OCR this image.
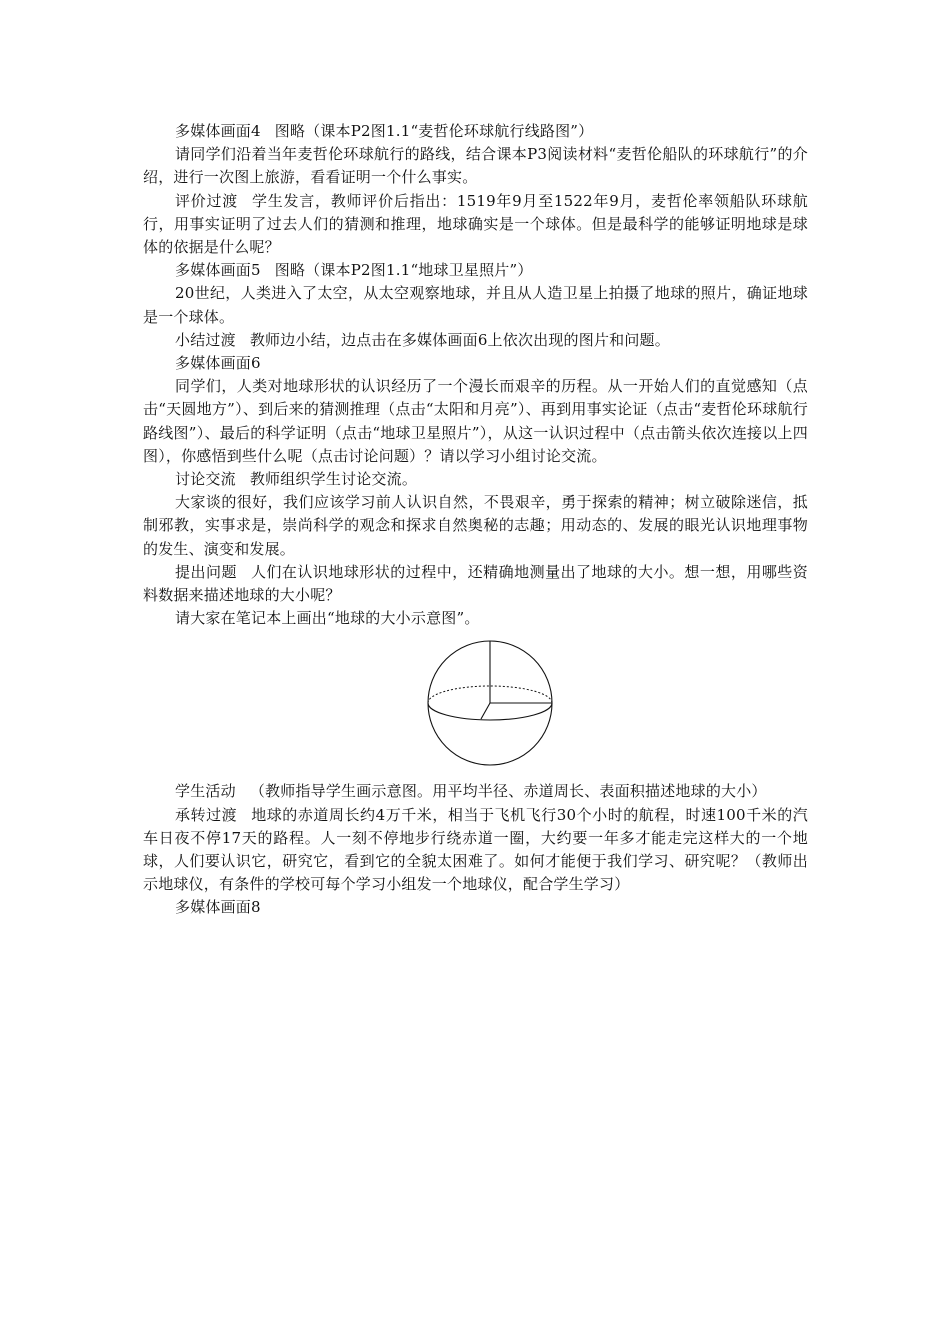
多媒体画面4 图略（课本P2图1.1“麦哲伦环球航行线路图”）

请同学们沿着当年麦哲伦环球航行的路线，结合课本P3阅读材料“麦哲伦船队的环球航行”的介绍，进行一次图上旅游，看看证明一个什么事实。

评价过渡 学生发言，教师评价后指出：1519年9月至1522年9月，麦哲伦率领船队环球航行，用事实证明了过去人们的猜测和推理，地球确实是一个球体。但是最科学的能够证明地球是球体的依据是什么呢？

多媒体画面5 图略（课本P2图1.1“地球卫星照片”）

20世纪，人类进入了太空，从太空观察地球，并且从人造卫星上拍摄了地球的照片，确证地球是一个球体。

小结过渡 教师边小结，边点击在多媒体画面6上依次出现的图片和问题。

多媒体画面6

同学们，人类对地球形状的认识经历了一个漫长而艰辛的历程。从一开始人们的直觉感知（点击“天圆地方”）、到后来的猜测推理（点击“太阳和月亮”）、再到用事实论证（点击“麦哲伦环球航行路线图”）、最后的科学证明（点击“地球卫星照片”），从这一认识过程中（点击箭头依次连接以上四图），你感悟到些什么呢（点击讨论问题）？请以学习小组讨论交流。

讨论交流 教师组织学生讨论交流。

大家谈的很好，我们应该学习前人认识自然，不畏艰辛，勇于探索的精神；树立破除迷信，抵制邪教，实事求是，崇尚科学的观念和探求自然奥秘的志趣；用动态的、发展的眼光认识地理事物的发生、演变和发展。

提出问题 人们在认识地球形状的过程中，还精确地测量出了地球的大小。想一想，用哪些资料数据来描述地球的大小呢？

请大家在笔记本上画出“地球的大小示意图”。

学生活动 （教师指导学生画示意图。用平均半径、赤道周长、表面积描述地球的大小）

承转过渡 地球的赤道周长约4万千米，相当于飞机飞行30个小时的航程，时速100千米的汽车日夜不停17天的路程。人一刻不停地步行绕赤道一圈，大约要一年多才能走完这样大的一个地球，人们要认识它，研究它，看到它的全貌太困难了。如何才能便于我们学习、研究呢？（教师出示地球仪，有条件的学校可每个学习小组发一个地球仪，配合学生学习）

多媒体画面8
